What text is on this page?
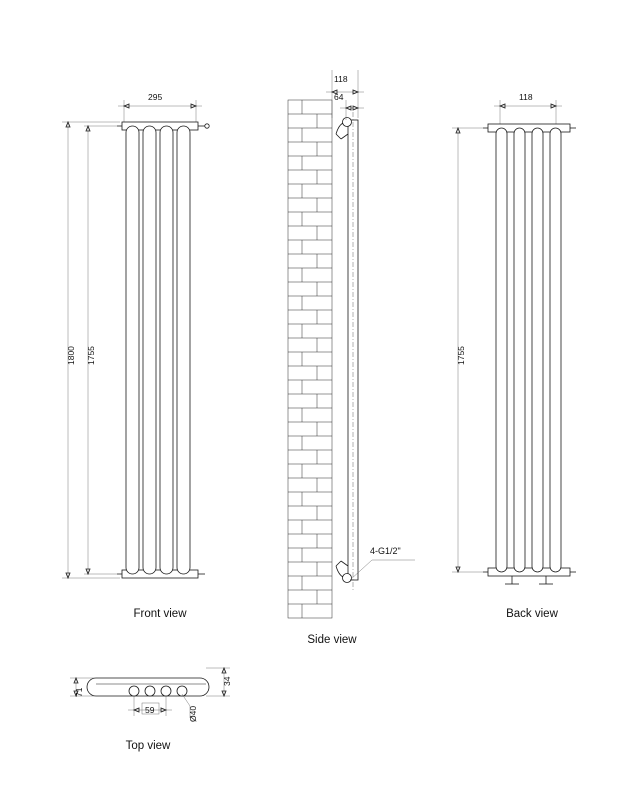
295
1800 1755
Front view
118
64
4-G1/2"
Side view
118
1755
Back view
71
34
59	Ø40
Top view
